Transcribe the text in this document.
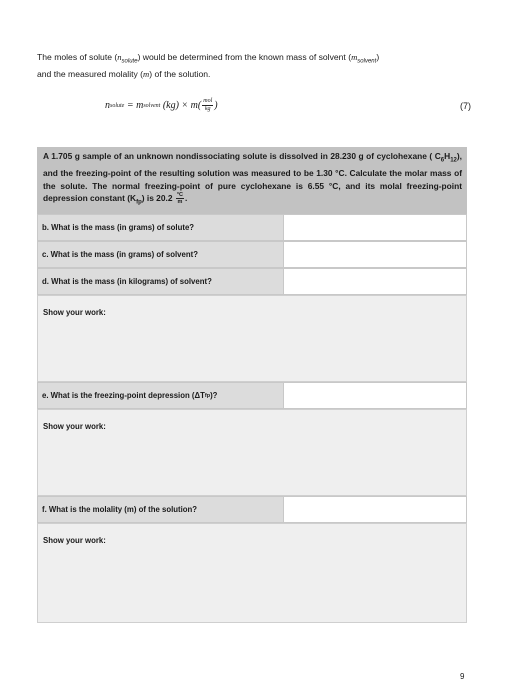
The moles of solute $(n_{solute})$ would be determined from the known mass of solvent $(m_{solvent})$
and the measured molality (m) of the solution.
n solute = m solvent $(kg) \times m( \frac{\text{mol}}{kg}$ )	(7)
A 1.705 g sample of an unknown nondissociating solute is dissolved in 28.230 g of cyclohexane ( $C_6H_{12}$), and the freezing-point of the resulting solution was measured to be 1.30 °C. Calculate the molar mass of the solute. The normal freezing-point of pure cyclohexane is 6.55 °C, and its molal freezing-point depression constant $(K_{fp})$ is $20.2 \frac{^\circ C}{m}$ .
b. What is the mass (in grams) of solute?
c. What is the mass (in grams) of solvent?
d. What is the mass (in kilograms) of solvent?
Show your work:
e. What is the freezing-point depression (ΔT fp )?
Show your work:
f. What is the molality (m) of the solution?
Show your work:
9
